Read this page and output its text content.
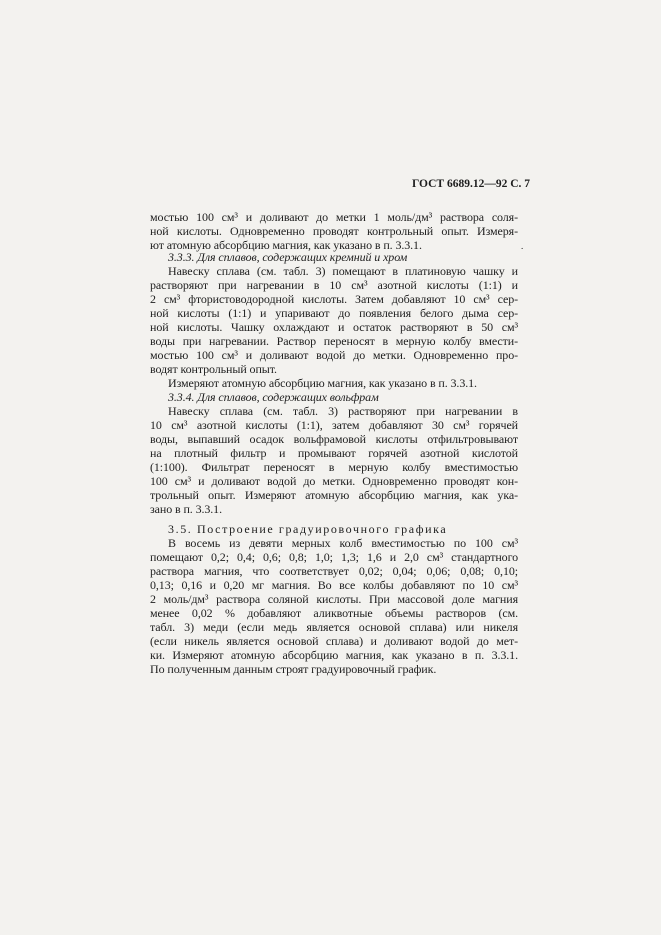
ГОСТ 6689.12—92 С. 7
мостью 100 см³ и доливают до метки 1 моль/дм³ раствора соля-
ной кислоты. Одновременно проводят контрольный опыт. Измеря-
ют атомную абсорбцию магния, как указано в п. 3.3.1.	.
3.3.3. Для сплавов, содержащих кремний и хром
Навеску сплава (см. табл. 3) помещают в платиновую чашку и
растворяют при нагревании в 10 см³ азотной кислоты (1:1) и
2 см³ фтористоводородной кислоты. Затем добавляют 10 см³ сер-
ной кислоты (1:1) и упаривают до появления белого дыма сер-
ной кислоты. Чашку охлаждают и остаток растворяют в 50 см³
воды при нагревании. Раствор переносят в мерную колбу вмести-
мостью 100 см³ и доливают водой до метки. Одновременно про-
водят контрольный опыт.
Измеряют атомную абсорбцию магния, как указано в п. 3.3.1.
3.3.4. Для сплавов, содержащих вольфрам
Навеску сплава (см. табл. 3) растворяют при нагревании в
10 см³ азотной кислоты (1:1), затем добавляют 30 см³ горячей
воды, выпавший осадок вольфрамовой кислоты отфильтровывают
на плотный фильтр и промывают горячей азотной кислотой
(1:100). Фильтрат переносят в мерную колбу вместимостью
100 см³ и доливают водой до метки. Одновременно проводят кон-
трольный опыт. Измеряют атомную абсорбцию магния, как ука-
зано в п. 3.3.1.
3.5. Построение градуировочного графика
В восемь из девяти мерных колб вместимостью по 100 см³
помещают 0,2; 0,4; 0,6; 0,8; 1,0; 1,3; 1,6 и 2,0 см³ стандартного
раствора магния, что соответствует 0,02; 0,04; 0,06; 0,08; 0,10;
0,13; 0,16 и 0,20 мг магния. Во все колбы добавляют по 10 см³
2 моль/дм³ раствора соляной кислоты. При массовой доле магния
менее 0,02 % добавляют аликвотные объемы растворов (см.
табл. 3) меди (если медь является основой сплава) или никеля
(если никель является основой сплава) и доливают водой до мет-
ки. Измеряют атомную абсорбцию магния, как указано в п. 3.3.1.
По полученным данным строят градуировочный график.
